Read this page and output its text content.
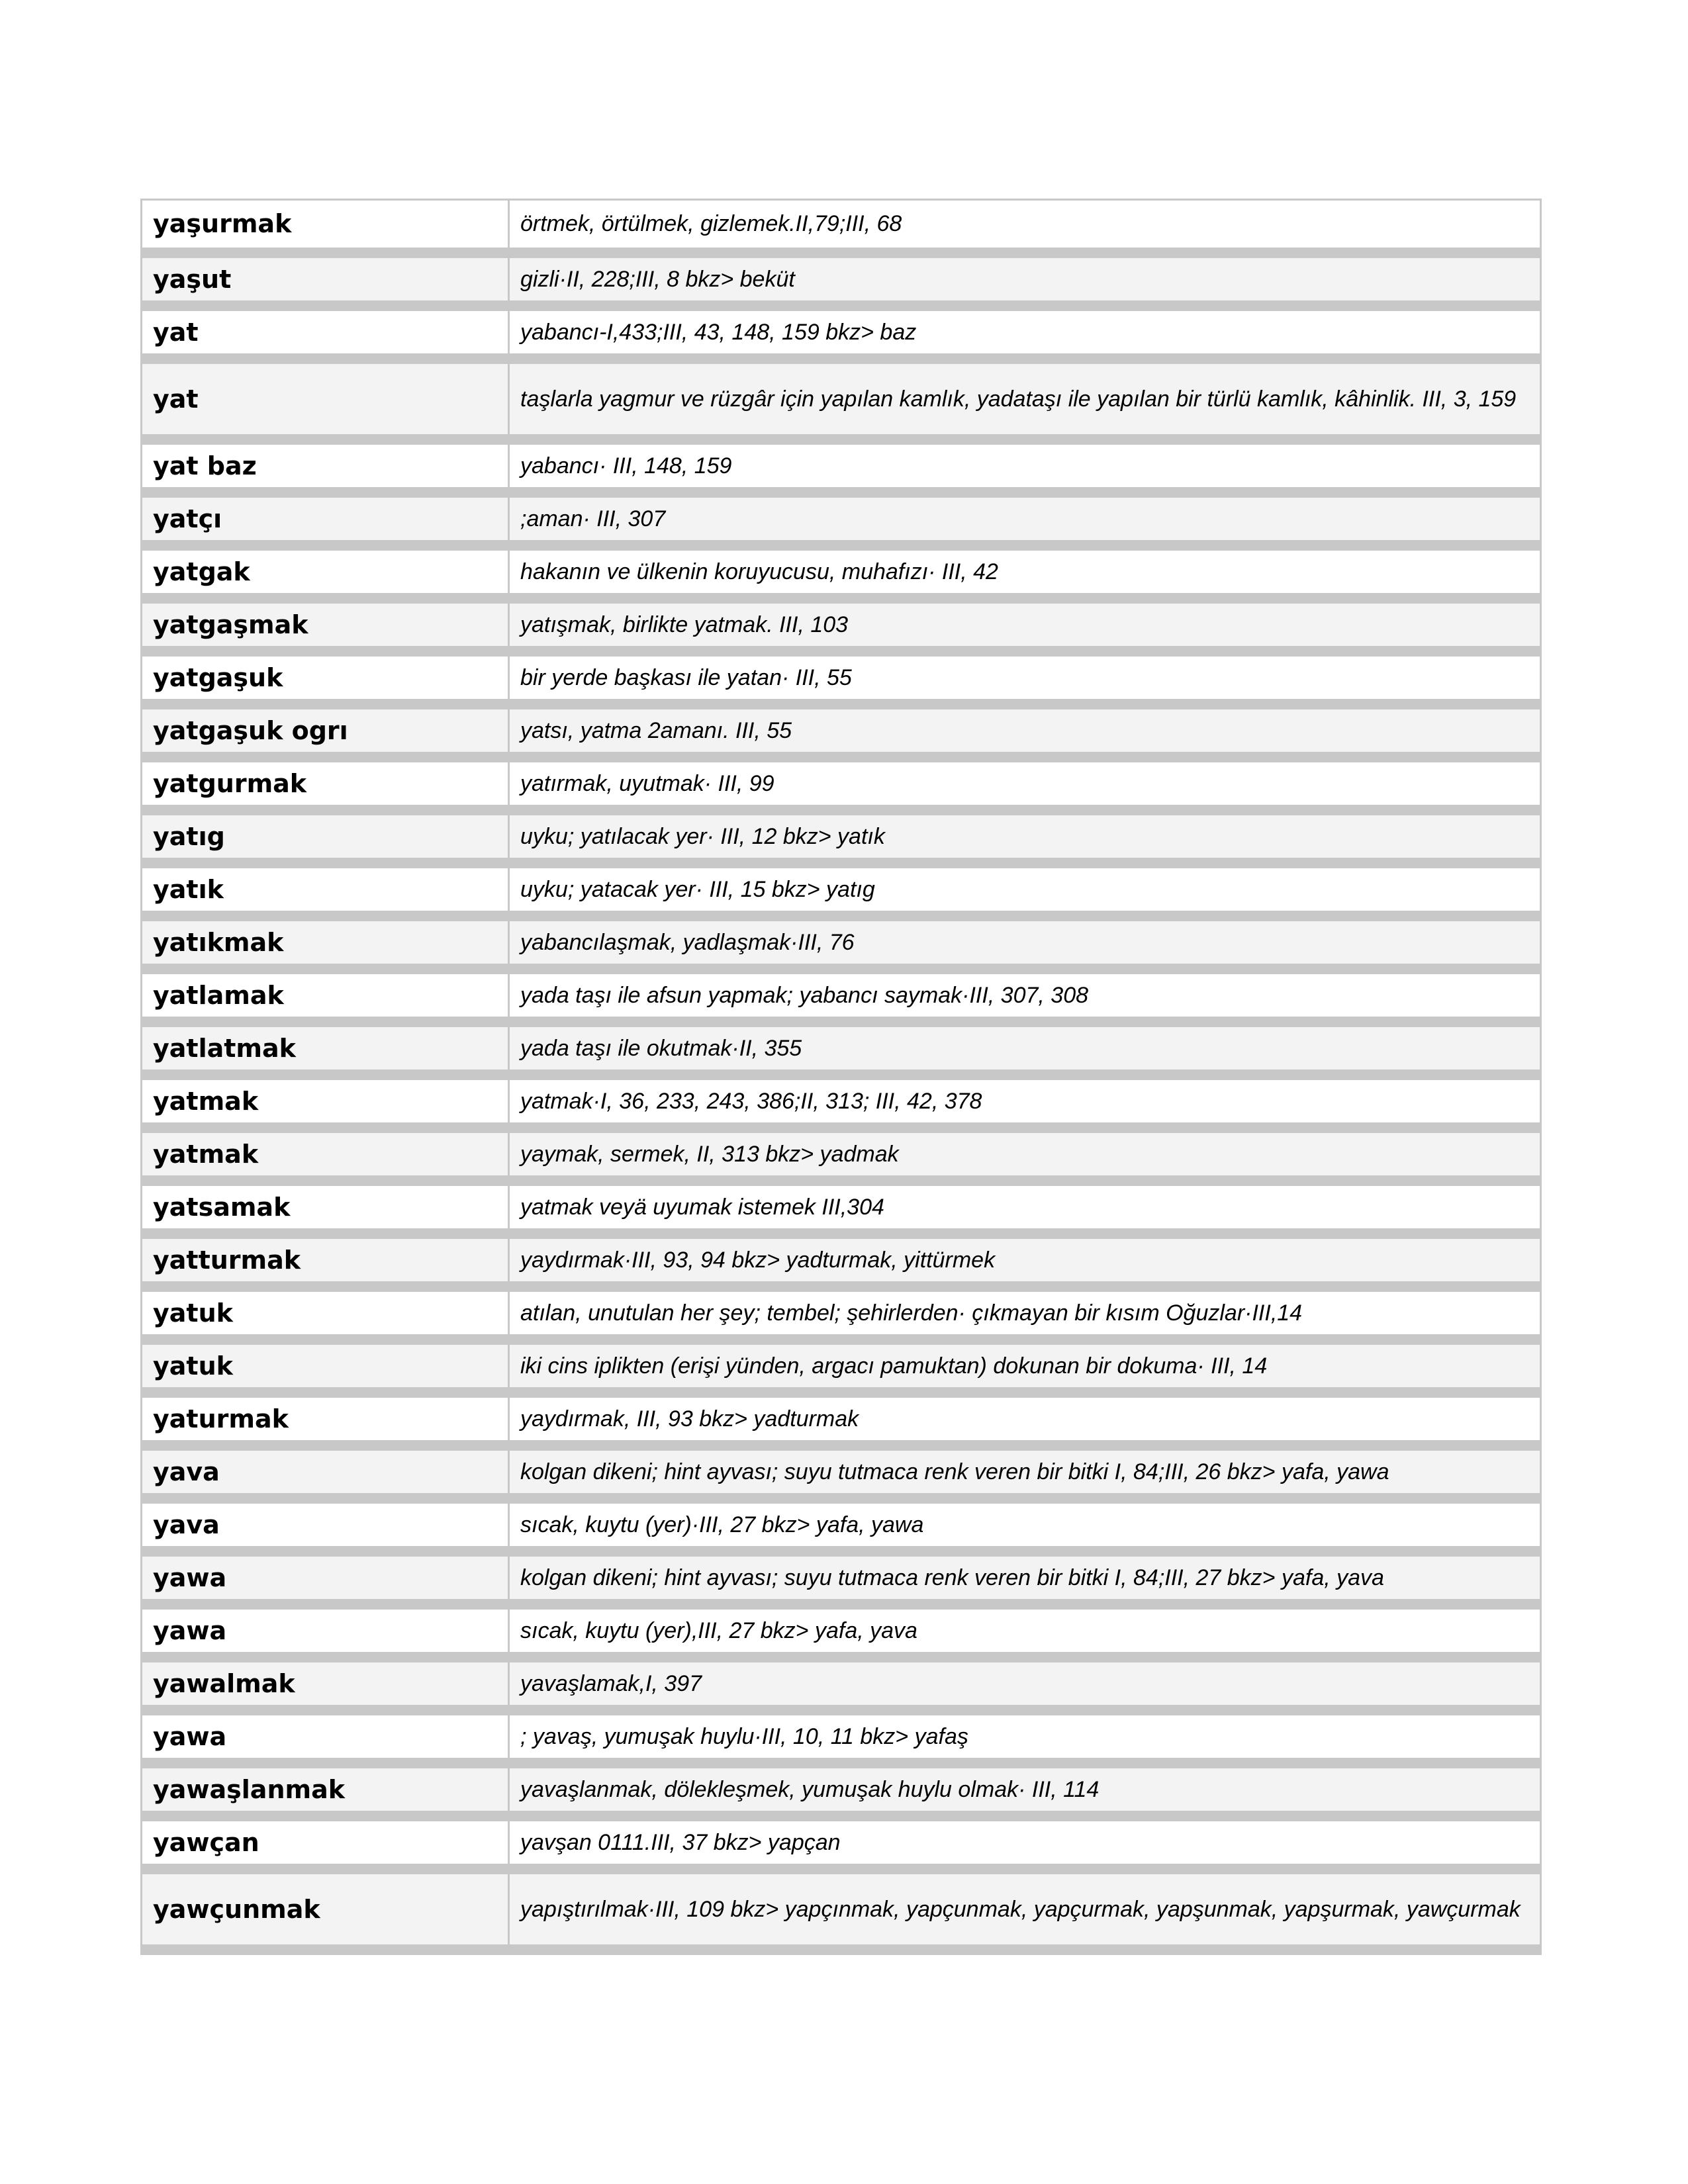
yaşurmak	örtmek, örtülmek, gizlemek.II,79;III, 68
yaşut	gizli·II, 228;III, 8 bkz> beküt
yat	yabancı-I,433;III, 43, 148, 159 bkz> baz
yat	taşlarla yagmur ve rüzgâr için yapılan kamlık, yadataşı ile yapılan bir türlü kamlık, kâhinlik. III, 3, 159
yat baz	yabancı· III, 148, 159
yatçı	;aman· III, 307
yatgak	hakanın ve ülkenin koruyucusu, muhafızı· III, 42
yatgaşmak	yatışmak, birlikte yatmak. III, 103
yatgaşuk	bir yerde başkası ile yatan· III, 55
yatgaşuk ogrı	yatsı, yatma 2amanı. III, 55
yatgurmak	yatırmak, uyutmak· III, 99
yatıg	uyku; yatılacak yer· III, 12 bkz> yatık
yatık	uyku; yatacak yer· III, 15 bkz> yatıg
yatıkmak	yabancılaşmak, yadlaşmak·III, 76
yatlamak	yada taşı ile afsun yapmak; yabancı saymak·III, 307, 308
yatlatmak	yada taşı ile okutmak·II, 355
yatmak	yatmak·I, 36, 233, 243, 386;II, 313; III, 42, 378
yatmak	yaymak, sermek, II, 313 bkz> yadmak
yatsamak	yatmak veyä uyumak istemek III,304
yatturmak	yaydırmak·III, 93, 94 bkz> yadturmak, yittürmek
yatuk	atılan, unutulan her şey; tembel; şehirlerden· çıkmayan bir kısım Oğuzlar·III,14
yatuk	iki cins iplikten (erişi yünden, argacı pamuktan) dokunan bir dokuma· III, 14
yaturmak	yaydırmak, III, 93 bkz> yadturmak
yava	kolgan dikeni; hint ayvası; suyu tutmaca renk veren bir bitki I, 84;III, 26 bkz> yafa, yawa
yava	sıcak, kuytu (yer)·III, 27 bkz> yafa, yawa
yawa	kolgan dikeni; hint ayvası; suyu tutmaca renk veren bir bitki I, 84;III, 27 bkz> yafa, yava
yawa	sıcak, kuytu (yer),III, 27 bkz> yafa, yava
yawalmak	yavaşlamak,I, 397
yawa	; yavaş, yumuşak huylu·III, 10, 11 bkz> yafaş
yawaşlanmak	yavaşlanmak, dölekleşmek, yumuşak huylu olmak· III, 114
yawçan	yavşan 0111.III, 37 bkz> yapçan
yawçunmak	yapıştırılmak·III, 109 bkz> yapçınmak, yapçunmak, yapçurmak, yapşunmak, yapşurmak, yawçurmak
